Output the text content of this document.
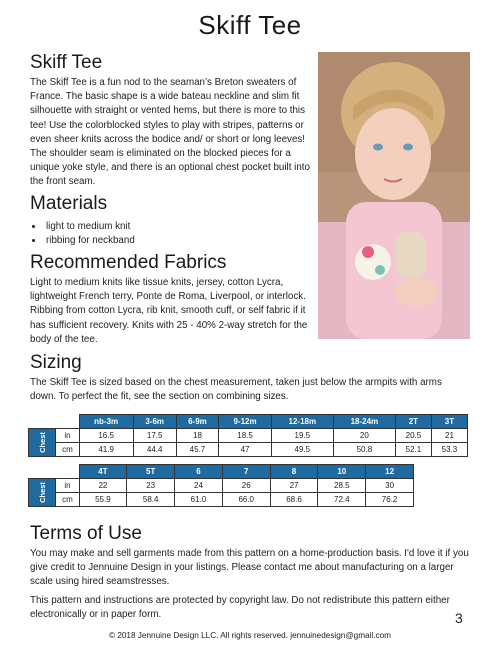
Skiff Tee
Skiff Tee

The Skiff Tee is a fun nod to the seaman’s Breton sweaters of France. The basic shape is a wide bateau neckline and slim fit silhouette with straight or vented hems, but there is more to this tee! Use the colorblocked styles to play with stripes, patterns or even sheer knits across the bodice and/ or short or long leeves! The shoulder seam is eliminated on the blocked pieces for a unique yoke style, and there is an optional chest pocket built into the front seam.

Materials
• light to medium knit
• ribbing for neckband
Recommended Fabrics

Light to medium knits like tissue knits, jersey, cotton Lycra, lightweight French terry, Ponte de Roma, Liverpool, or interlock. Ribbing from cotton Lycra, rib knit, smooth cuff, or self fabric if it has sufficient recovery. Knits with 25 - 40% 2-way stretch for the body of the tee.

Sizing

The Skiff Tee is sized based on the chest measurement, taken just below the armpits with arms down. To perfect the fit, see the section on combining sizes.

		nb-3m	3-6m	6-9m	9-12m	12-18m	18-24m	2T	3T
Chest	in	16.5	17.5	18	18.5	19.5	20	20.5	21
	cm	41.9	44.4	45.7	47	49.5	50.8	52.1	53.3
		4T	5T	6	7	8	10	12
Chest	in	22	23	24	26	27	28.5	30
	cm	55.9	58.4	61.0	66.0	68.6	72.4	76.2
Terms of Use

You may make and sell garments made from this pattern on a home-production basis. I'd love it if you give credit to Jennuine Design in your listings. Please contact me about manufacturing on a larger scale using hired seamstresses.

This pattern and instructions are protected by copyright law. Do not redistribute this pattern either electronically or in paper form.	3
© 2018 Jennuine Design LLC. All rights reserved. jennuinedesign@gmail.com
